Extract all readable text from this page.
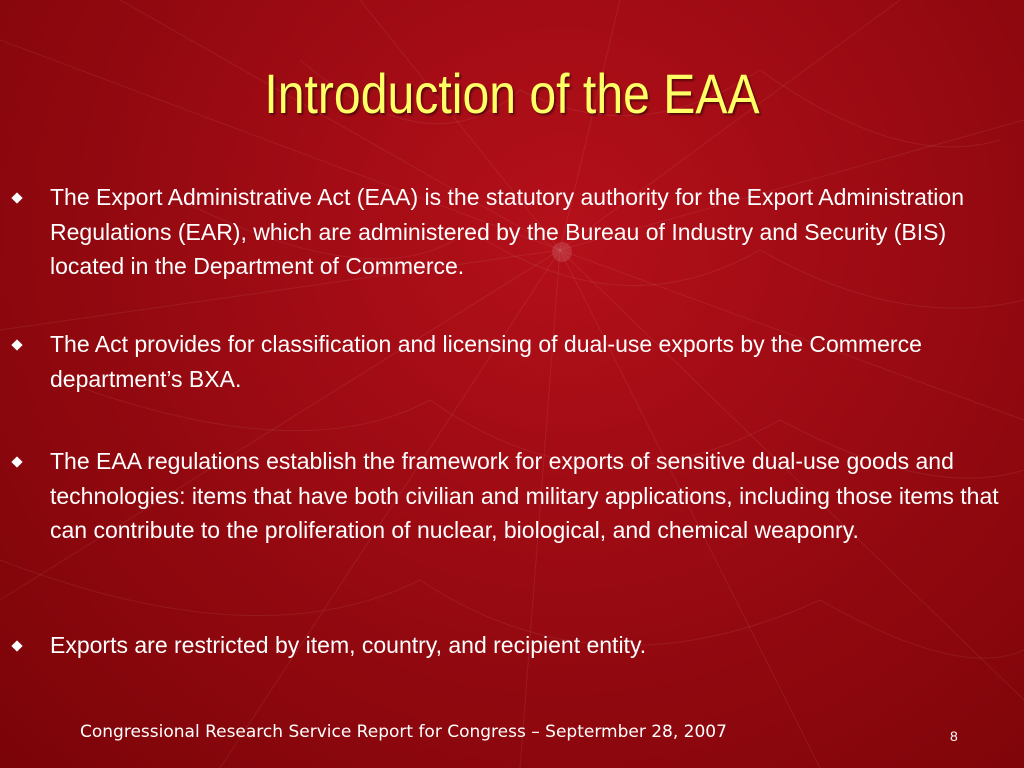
Introduction of the EAA
The Export Administrative Act (EAA) is the statutory authority for the Export Administration Regulations (EAR), which are administered by the Bureau of Industry and Security (BIS) located in the Department of Commerce.
The Act provides for classification and licensing of dual-use exports by the Commerce department’s BXA.
The EAA regulations establish the framework for exports of sensitive dual-use goods and technologies: items that have both civilian and military applications, including those items that can contribute to the proliferation of nuclear, biological, and chemical weaponry.
Exports are restricted by item, country, and recipient entity.
Congressional Research Service Report for Congress – Septermber 28, 2007	8
